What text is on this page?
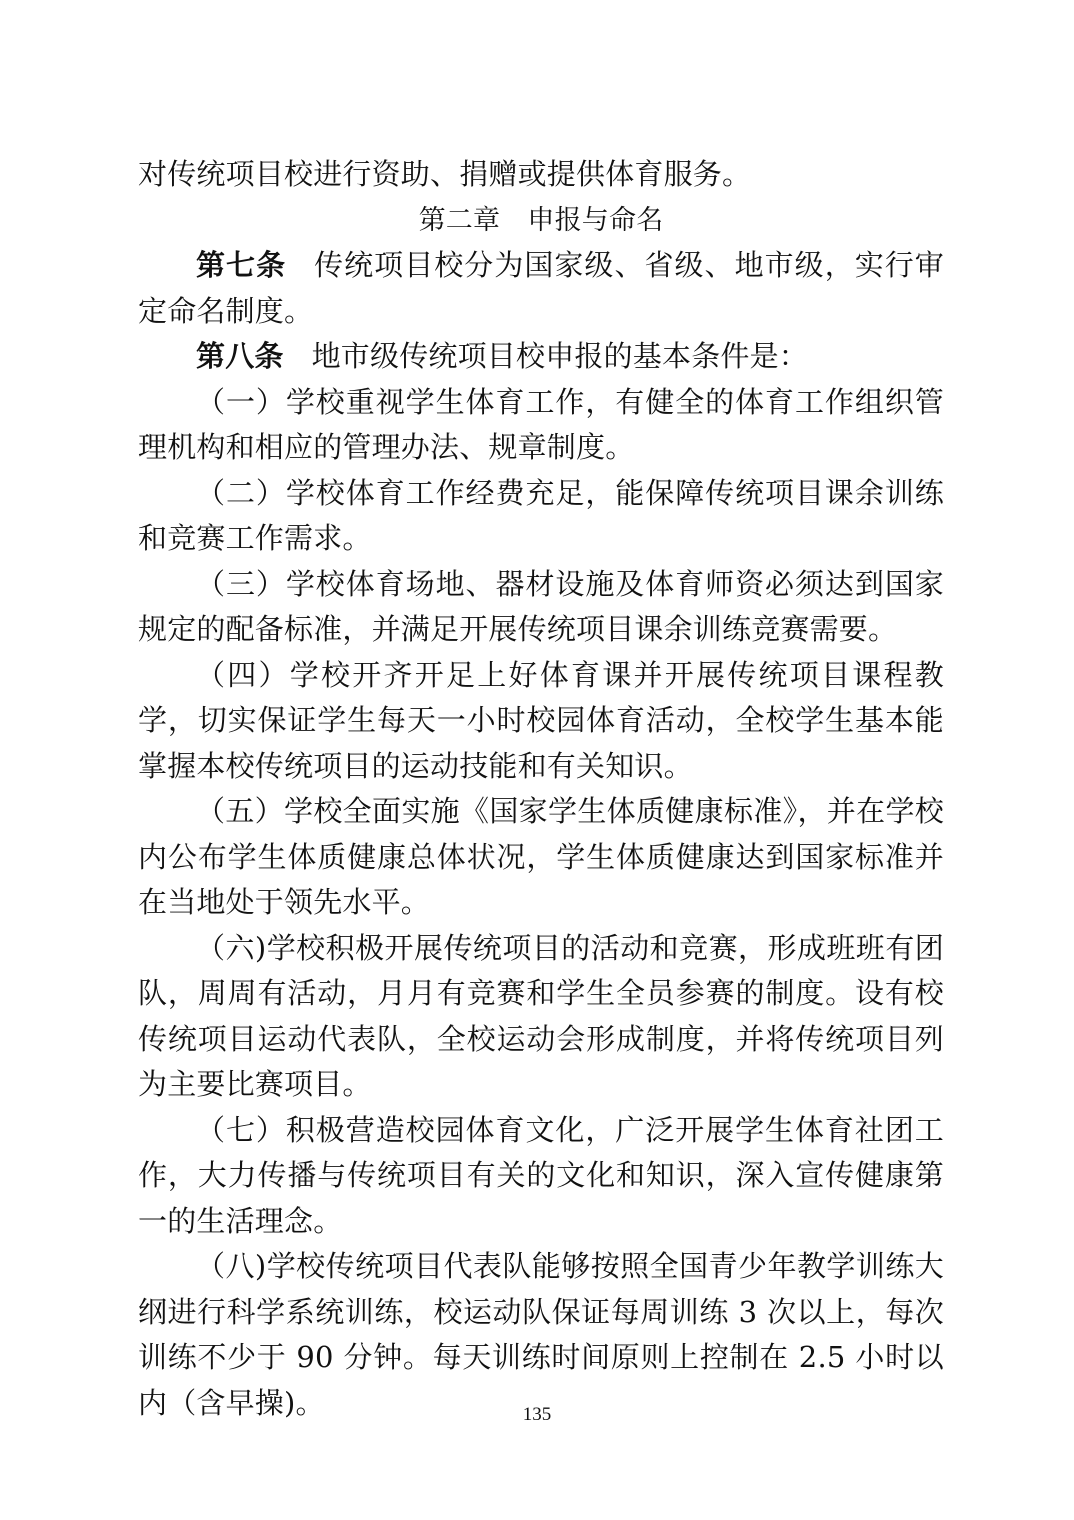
对传统项目校进行资助、捐赠或提供体育服务。

第二章　申报与命名

第七条 传统项目校分为国家级、省级、地市级，实行审定命名制度。

第八条 地市级传统项目校申报的基本条件是：

（一）学校重视学生体育工作，有健全的体育工作组织管理机构和相应的管理办法、规章制度。

（二）学校体育工作经费充足，能保障传统项目课余训练和竞赛工作需求。

（三）学校体育场地、器材设施及体育师资必须达到国家规定的配备标准，并满足开展传统项目课余训练竞赛需要。

（四）学校开齐开足上好体育课并开展传统项目课程教学，切实保证学生每天一小时校园体育活动，全校学生基本能掌握本校传统项目的运动技能和有关知识。

（五）学校全面实施《国家学生体质健康标准》，并在学校内公布学生体质健康总体状况，学生体质健康达到国家标准并在当地处于领先水平。

（六)学校积极开展传统项目的活动和竞赛，形成班班有团队，周周有活动，月月有竞赛和学生全员参赛的制度。设有校传统项目运动代表队，全校运动会形成制度，并将传统项目列为主要比赛项目。

（七）积极营造校园体育文化，广泛开展学生体育社团工作，大力传播与传统项目有关的文化和知识，深入宣传健康第一的生活理念。

（八)学校传统项目代表队能够按照全国青少年教学训练大纲进行科学系统训练，校运动队保证每周训练 3 次以上，每次训练不少于 90 分钟。每天训练时间原则上控制在 2.5 小时以内（含早操)。	135
